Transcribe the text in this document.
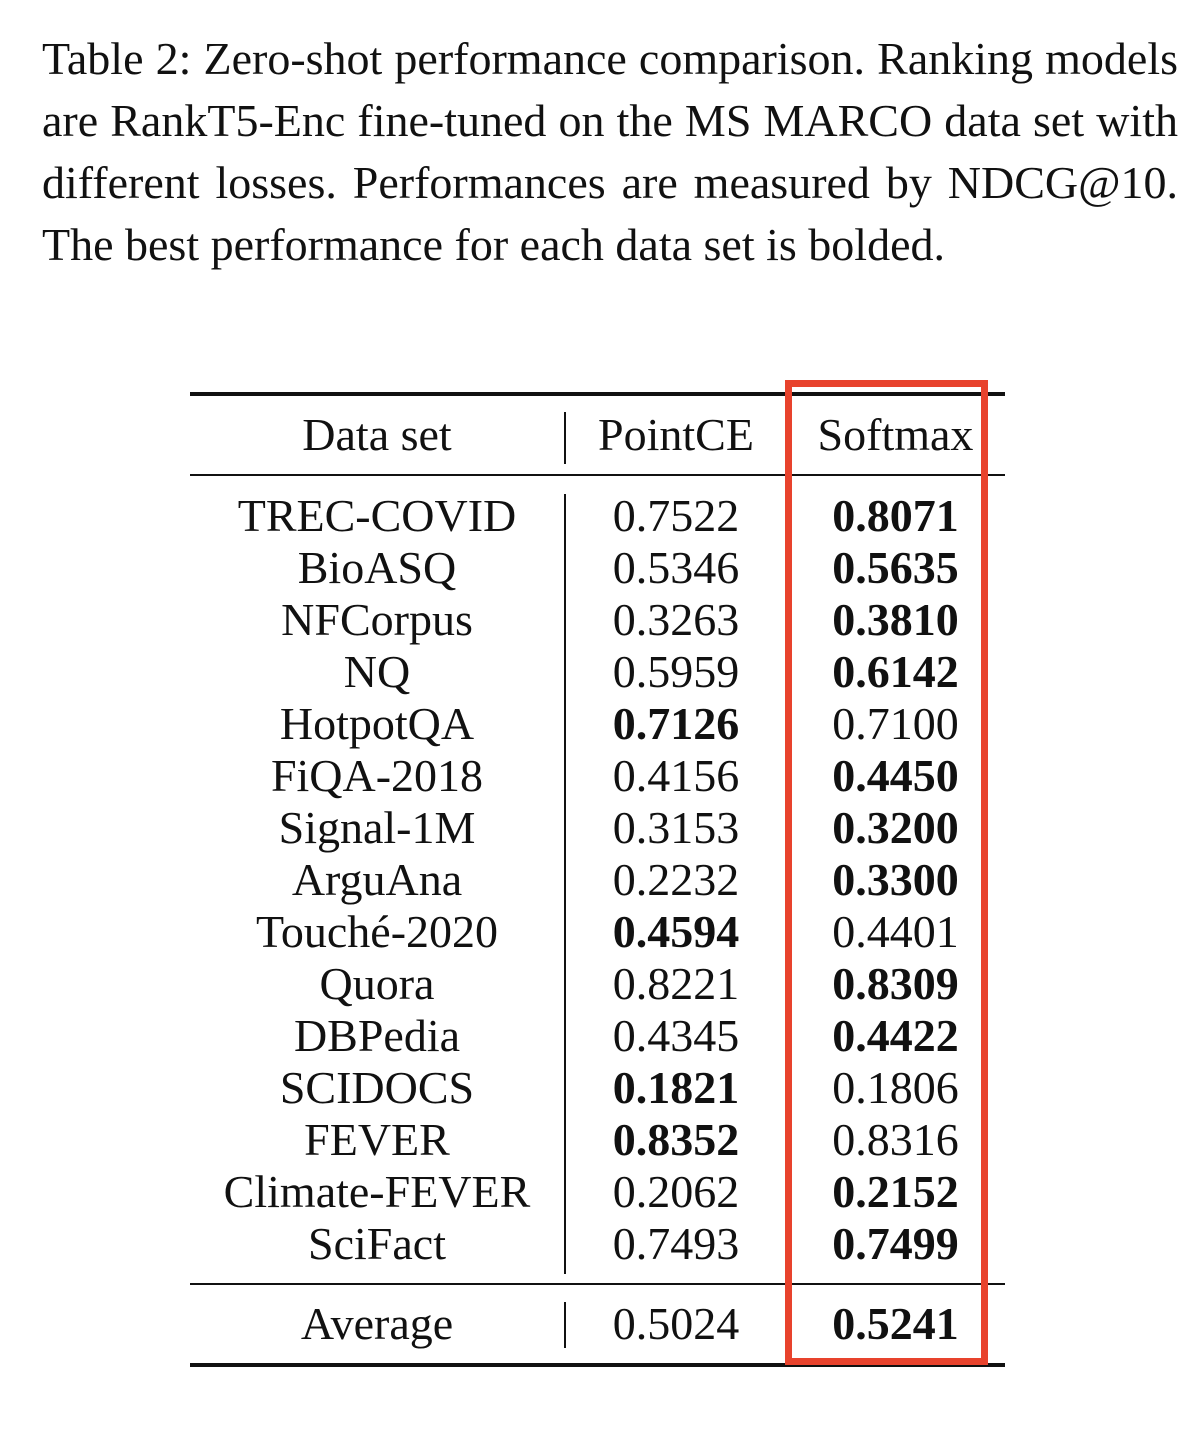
Table 2: Zero-shot performance comparison. Ranking models are RankT5-Enc fine-tuned on the MS MARCO data set with different losses. Performances are measured by NDCG@10. The best performance for each data set is bolded.
Data set	PointCE	Softmax
TREC-COVID	0.7522	0.8071
BioASQ	0.5346	0.5635
NFCorpus	0.3263	0.3810
NQ	0.5959	0.6142
HotpotQA	0.7126	0.7100
FiQA-2018	0.4156	0.4450
Signal-1M	0.3153	0.3200
ArguAna	0.2232	0.3300
Touché-2020	0.4594	0.4401
Quora	0.8221	0.8309
DBPedia	0.4345	0.4422
SCIDOCS	0.1821	0.1806
FEVER	0.8352	0.8316
Climate-FEVER	0.2062	0.2152
SciFact	0.7493	0.7499
Average	0.5024	0.5241
